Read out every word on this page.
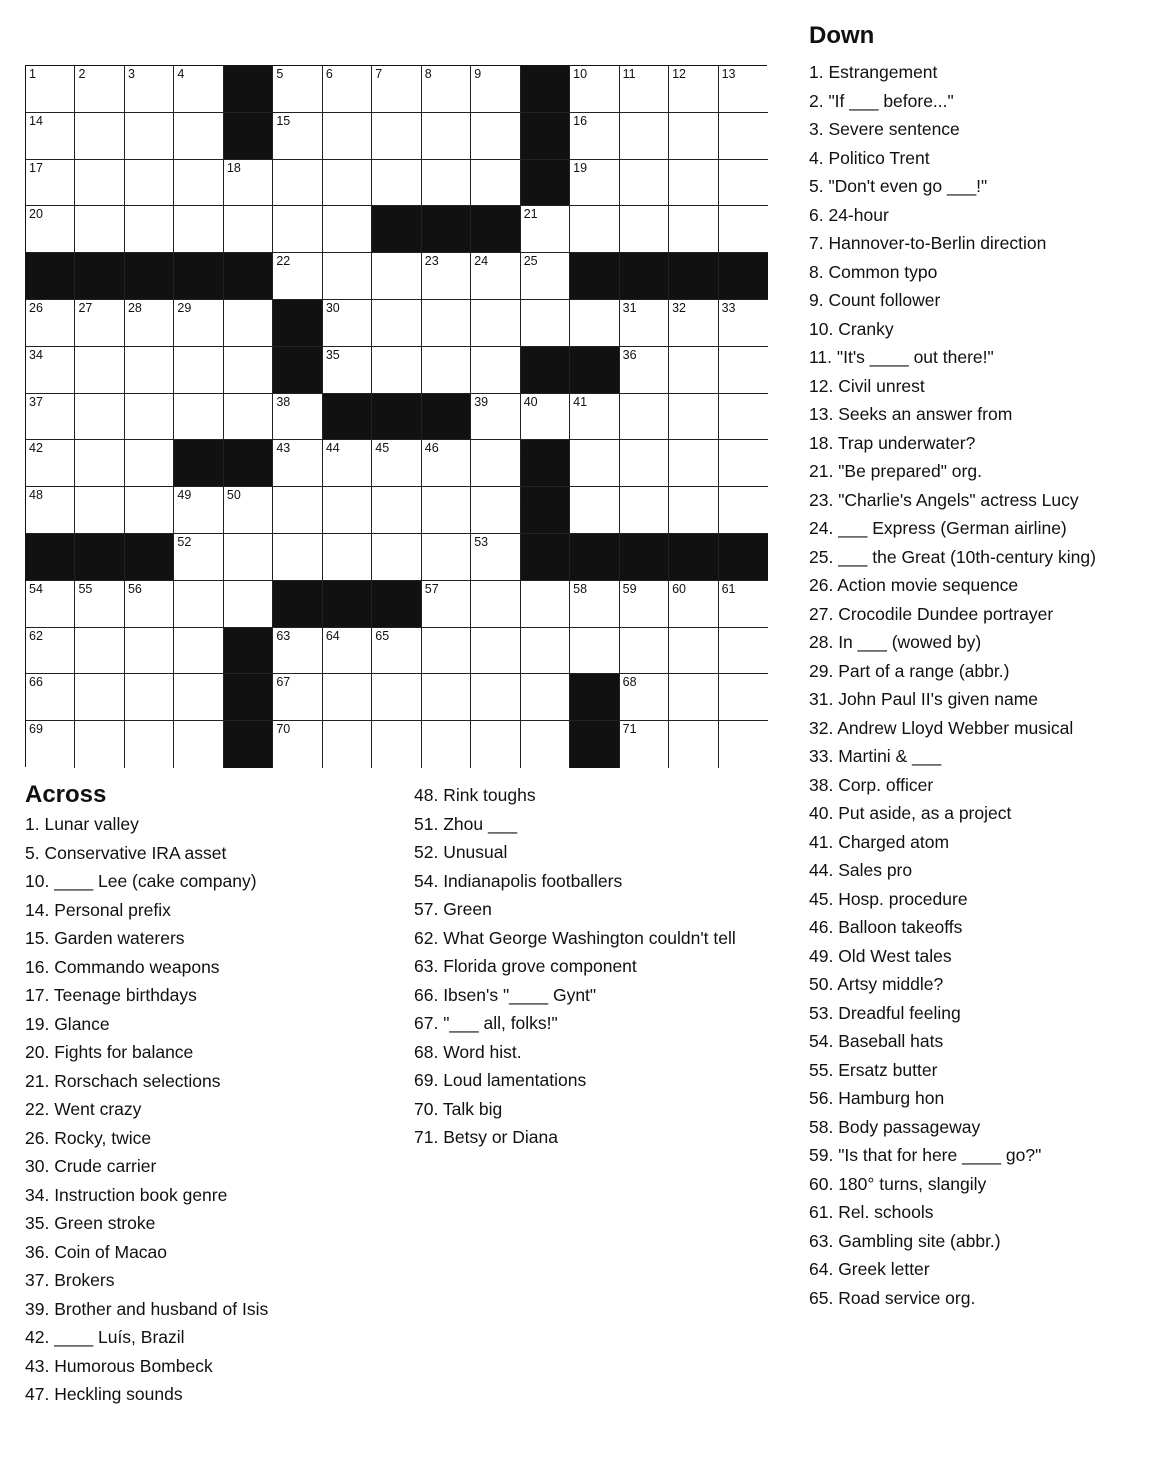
1	2	3	4	5	6	7	8	9	10	11	12	13
14	15	16
17	18	19
20	21
22	23	24	25
26	27	28	29	30	31	32	33
34	35	36
37	38	39	40	41
42	43	44	45	46	47
48	49	50	51
52	53
54	55	56	57	58	59	60	61
62	63	64	65
66	67	68
69	70	71
Down
1. Estrangement
2. "If ___ before..."
3. Severe sentence
4. Politico Trent
5. "Don't even go ___!"
6. 24-hour
7. Hannover-to-Berlin direction
8. Common typo
9. Count follower
10. Cranky
11. "It's ____ out there!"
12. Civil unrest
13. Seeks an answer from
18. Trap underwater?
21. "Be prepared" org.
23. "Charlie's Angels" actress Lucy
24. ___ Express (German airline)
25. ___ the Great (10th-century king)
26. Action movie sequence
27. Crocodile Dundee portrayer
28. In ___ (wowed by)
29. Part of a range (abbr.)
31. John Paul II's given name
32. Andrew Lloyd Webber musical
33. Martini & ___
38. Corp. officer
40. Put aside, as a project
41. Charged atom
44. Sales pro
45. Hosp. procedure
46. Balloon takeoffs
49. Old West tales
50. Artsy middle?
53. Dreadful feeling
54. Baseball hats
55. Ersatz butter
56. Hamburg hon
58. Body passageway
59. "Is that for here ____ go?"
60. 180° turns, slangily
61. Rel. schools
63. Gambling site (abbr.)
64. Greek letter
65. Road service org.
Across
1. Lunar valley
5. Conservative IRA asset
10. ____ Lee (cake company)
14. Personal prefix
15. Garden waterers
16. Commando weapons
17. Teenage birthdays
19. Glance
20. Fights for balance
21. Rorschach selections
22. Went crazy
26. Rocky, twice
30. Crude carrier
34. Instruction book genre
35. Green stroke
36. Coin of Macao
37. Brokers
39. Brother and husband of Isis
42. ____ Luís, Brazil
43. Humorous Bombeck
47. Heckling sounds
48. Rink toughs
51. Zhou ___
52. Unusual
54. Indianapolis footballers
57. Green
62. What George Washington couldn't tell
63. Florida grove component
66. Ibsen's "____ Gynt"
67. "___ all, folks!"
68. Word hist.
69. Loud lamentations
70. Talk big
71. Betsy or Diana
